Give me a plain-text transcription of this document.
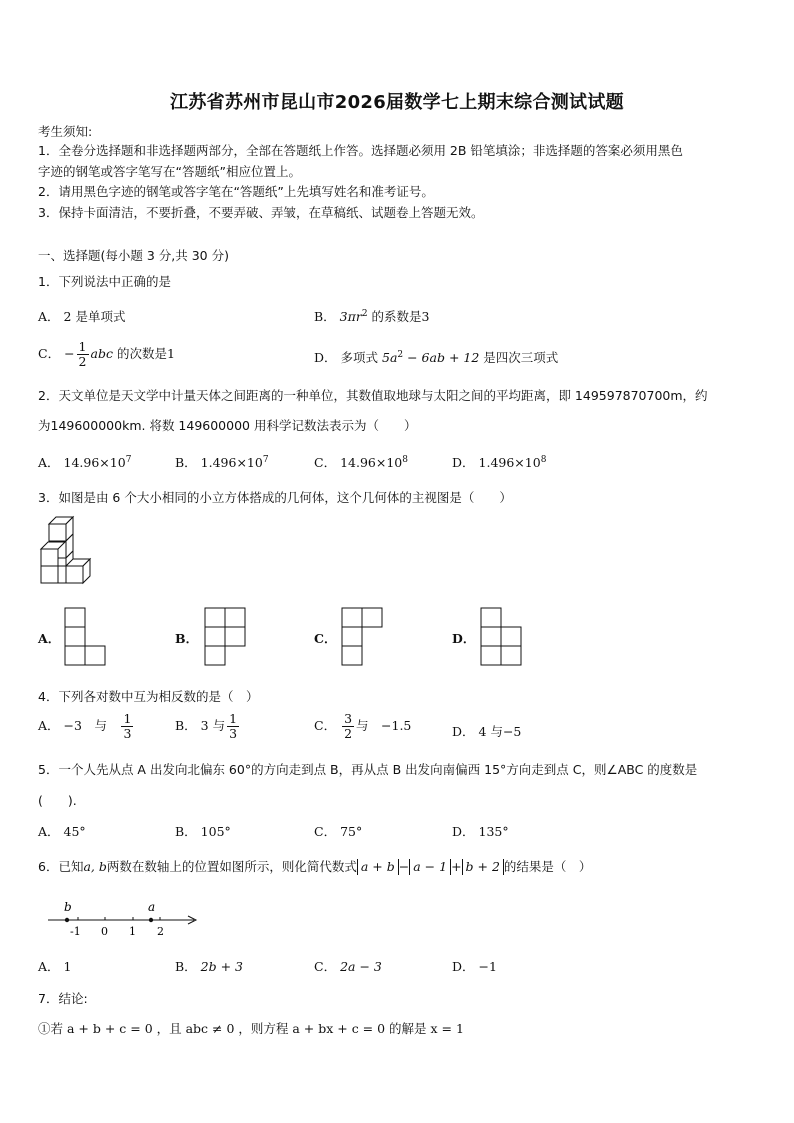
江苏省苏州市昆山市2026届数学七上期末综合测试试题
考生须知:
1．全卷分选择题和非选择题两部分，全部在答题纸上作答。选择题必须用 2B 铅笔填涂；非选择题的答案必须用黑色
字迹的钢笔或答字笔写在“答题纸”相应位置上。
2．请用黑色字迹的钢笔或答字笔在“答题纸”上先填写姓名和准考证号。
3．保持卡面清洁，不要折叠，不要弄破、弄皱，在草稿纸、试题卷上答题无效。
一、选择题(每小题 3 分,共 30 分)
1．下列说法中正确的是
A． 2 是单项式	B． $3\pi r^2$ 的系数是3
C． − $\frac{1}{2}$ abc 的次数是1	D． 多项式 $5a^2 - 6ab + 12$ 是四次三项式
2．天文单位是天文学中计量天体之间距离的一种单位，其数值取地球与太阳之间的平均距离，即 149597870700m，约
为149600000km. 将数 149600000 用科学记数法表示为（　　）
A． $14.96\times 10^7$	B． $1.496\times 10^7$	C． $14.96\times 10^8$	D． $1.496\times 10^8$
3．如图是由 6 个大小相同的小立方体搭成的几何体，这个几何体的主视图是（　　）
A．	B．	C．	D．
4．下列各对数中互为相反数的是（　）
A． −3　与　 $\frac{1}{3}$	B． 3 与 $\frac{1}{3}$	C． $\frac{3}{2}$ 与　−1.5	D． 4 与−5
5．一个人先从点 A 出发向北偏东 60°的方向走到点 B，再从点 B 出发向南偏西 15°方向走到点 C，则∠ABC 的度数是
(　　).
A． 45°	B． 105°	C． 75°	D． 135°
6．已知a, b两数在数轴上的位置如图所示，则化简代数式 a + b − a − 1 + b + 2 的结果是（　）
b	a
-1 0 1 2
A． 1	B． 2b + 3	C． 2a − 3	D． −1
7．结论:
①若 a + b + c = 0 ，且 abc ≠ 0 ，则方程 a + bx + c = 0 的解是 x = 1
